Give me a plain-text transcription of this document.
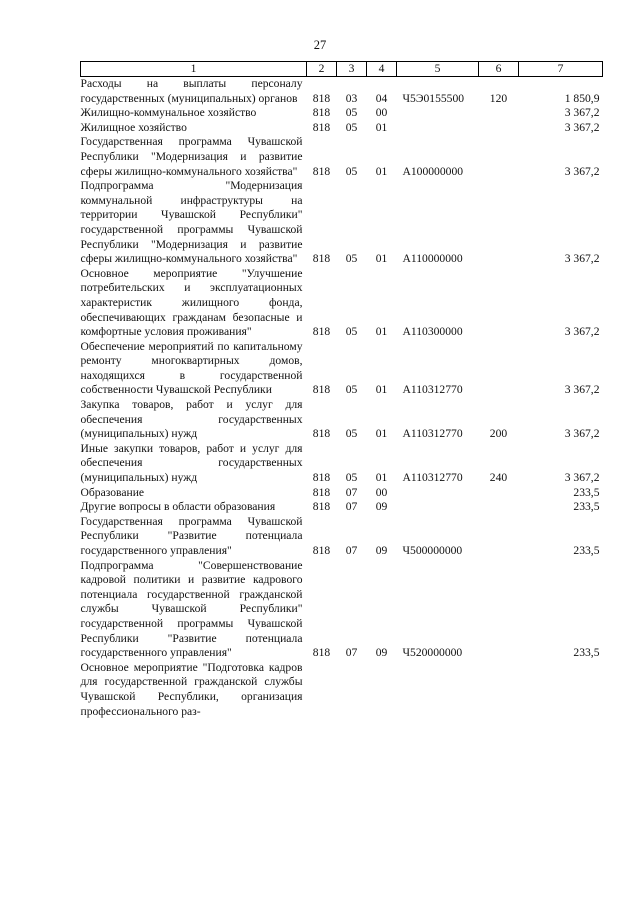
27
1	2	3	4	5	6	7
Расходы на выплаты персоналу государственных (муниципальных) органов	818	03	04	Ч5Э0155500	120	1 850,9
Жилищно-коммунальное хозяйство	818	05	00			3 367,2
Жилищное хозяйство	818	05	01			3 367,2
Государственная программа Чувашской Республики "Модернизация и развитие сферы жилищно-коммунального хозяйства"	818	05	01	А100000000		3 367,2
Подпрограмма "Модернизация коммунальной инфраструктуры на территории Чувашской Республики" государственной программы Чувашской Республики "Модернизация и развитие сферы жилищно-коммунального хозяйства"	818	05	01	А110000000		3 367,2
Основное мероприятие "Улучшение потребительских и эксплуатационных характеристик жилищного фонда, обеспечивающих гражданам безопасные и комфортные условия проживания"	818	05	01	А110300000		3 367,2
Обеспечение мероприятий по капитальному ремонту многоквартирных домов, находящихся в государственной собственности Чувашской Республики	818	05	01	А110312770		3 367,2
Закупка товаров, работ и услуг для обеспечения государственных (муниципальных) нужд	818	05	01	А110312770	200	3 367,2
Иные закупки товаров, работ и услуг для обеспечения государственных (муниципальных) нужд	818	05	01	А110312770	240	3 367,2
Образование	818	07	00			233,5
Другие вопросы в области образования	818	07	09			233,5
Государственная программа Чувашской Республики "Развитие потенциала государственного управления"	818	07	09	Ч500000000		233,5
Подпрограмма "Совершенствование кадровой политики и развитие кадрового потенциала государственной гражданской службы Чувашской Республики" государственной программы Чувашской Республики "Развитие потенциала государственного управления"	818	07	09	Ч520000000		233,5
Основное мероприятие "Подготовка кадров для государственной гражданской службы Чувашской Республики, организация профессионального раз-						
